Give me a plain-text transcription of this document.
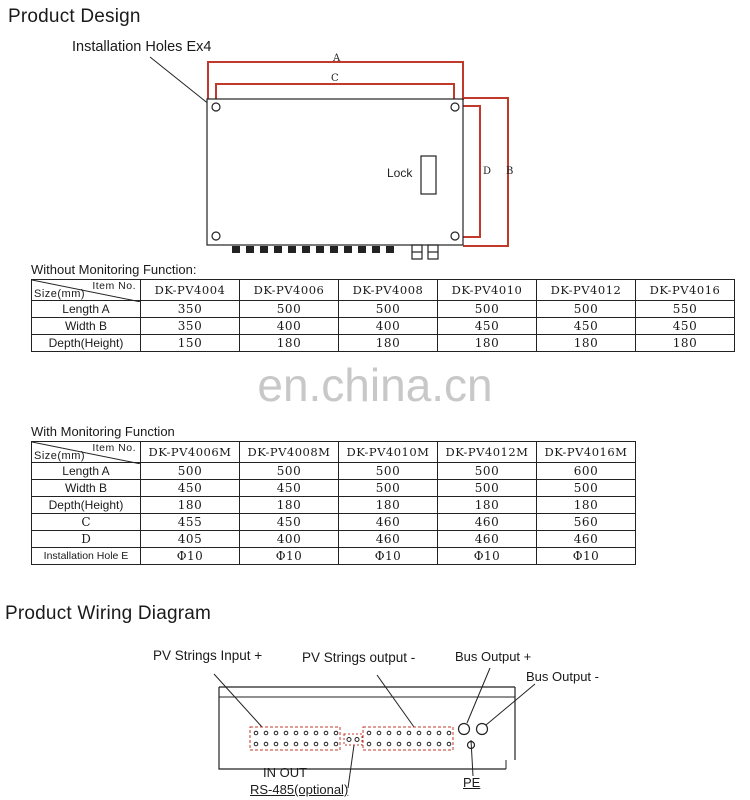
Product Design
Installation Holes Ex4
A
C
D B
Lock
Without Monitoring Function:
Item No.
Size(mm)	DK-PV4004	DK-PV4006	DK-PV4008	DK-PV4010	DK-PV4012	DK-PV4016
Length A	350	500	500	500	500	550
Width B	350	400	400	450	450	450
Depth(Height)	150	180	180	180	180	180
en.china.cn
With Monitoring Function
Item No.
Size(mm)	DK-PV4006M	DK-PV4008M	DK-PV4010M	DK-PV4012M	DK-PV4016M
Length A	500	500	500	500	600
Width B	450	450	500	500	500
Depth(Height)	180	180	180	180	180
C	455	450	460	460	560
D	405	400	460	460	460
Installation Hole E	Φ10	Φ10	Φ10	Φ10	Φ10
Product Wiring Diagram
PV Strings Input +	PV Strings output -	Bus Output +
Bus Output -
IN OUT
RS-485(optional)	PE
